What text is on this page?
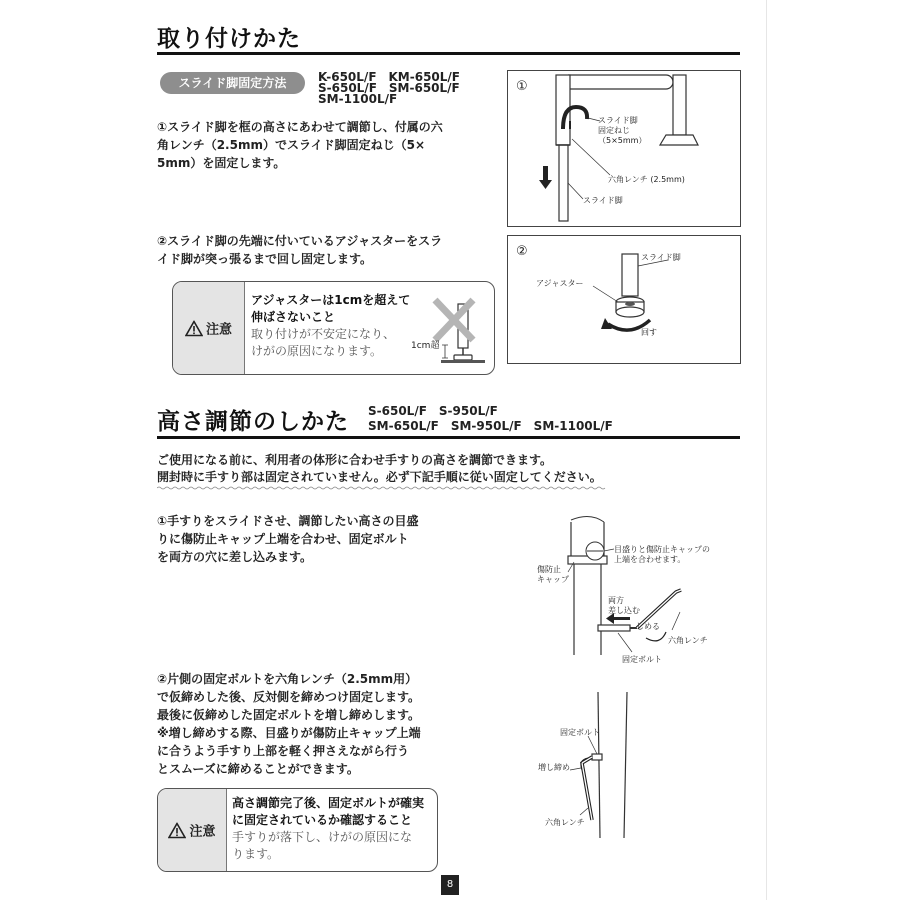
取り付けかた
スライド脚固定方法	K-650L/F　KM-650L/F
S-650L/F　SM-650L/F
SM-1100L/F
①スライド脚を框の高さにあわせて調節し、付属の六
角レンチ（2.5mm）でスライド脚固定ねじ（5×
5mm）を固定します。
②スライド脚の先端に付いているアジャスターをスラ
イド脚が突っ張るまで回し固定します。
注意
アジャスターは1cmを超えて
伸ばさないこと
取り付けが不安定になり、
けがの原因になります。	1cm超
①
スライド脚
固定ねじ
（5×5mm）
六角レンチ (2.5mm)
スライド脚
②	スライド脚
アジャスター
回す
高さ調節のしかた S-650L/F　S-950L/F
SM-650L/F　SM-950L/F　SM-1100L/F
ご使用になる前に、利用者の体形に合わせ手すりの高さを調節できます。
開封時に手すり部は固定されていません。必ず下記手順に従い固定してください。
①手すりをスライドさせ、調節したい高さの目盛
りに傷防止キャップ上端を合わせ、固定ボルト
を両方の穴に差し込みます。
②片側の固定ボルトを六角レンチ（2.5mm用）
で仮締めした後、反対側を締めつけ固定します。
最後に仮締めした固定ボルトを増し締めします。
※増し締めする際、目盛りが傷防止キャップ上端
に合うよう手すり上部を軽く押さえながら行う
とスムーズに締めることができます。
注意
高さ調節完了後、固定ボルトが確実
に固定されているか確認すること
手すりが落下し、けがの原因にな
ります。
目盛りと傷防止キャップの
上端を合わせます。
傷防止
キャップ
両方
差し込む
しめる
六角レンチ
固定ボルト
固定ボルト
増し締め
六角レンチ
8
